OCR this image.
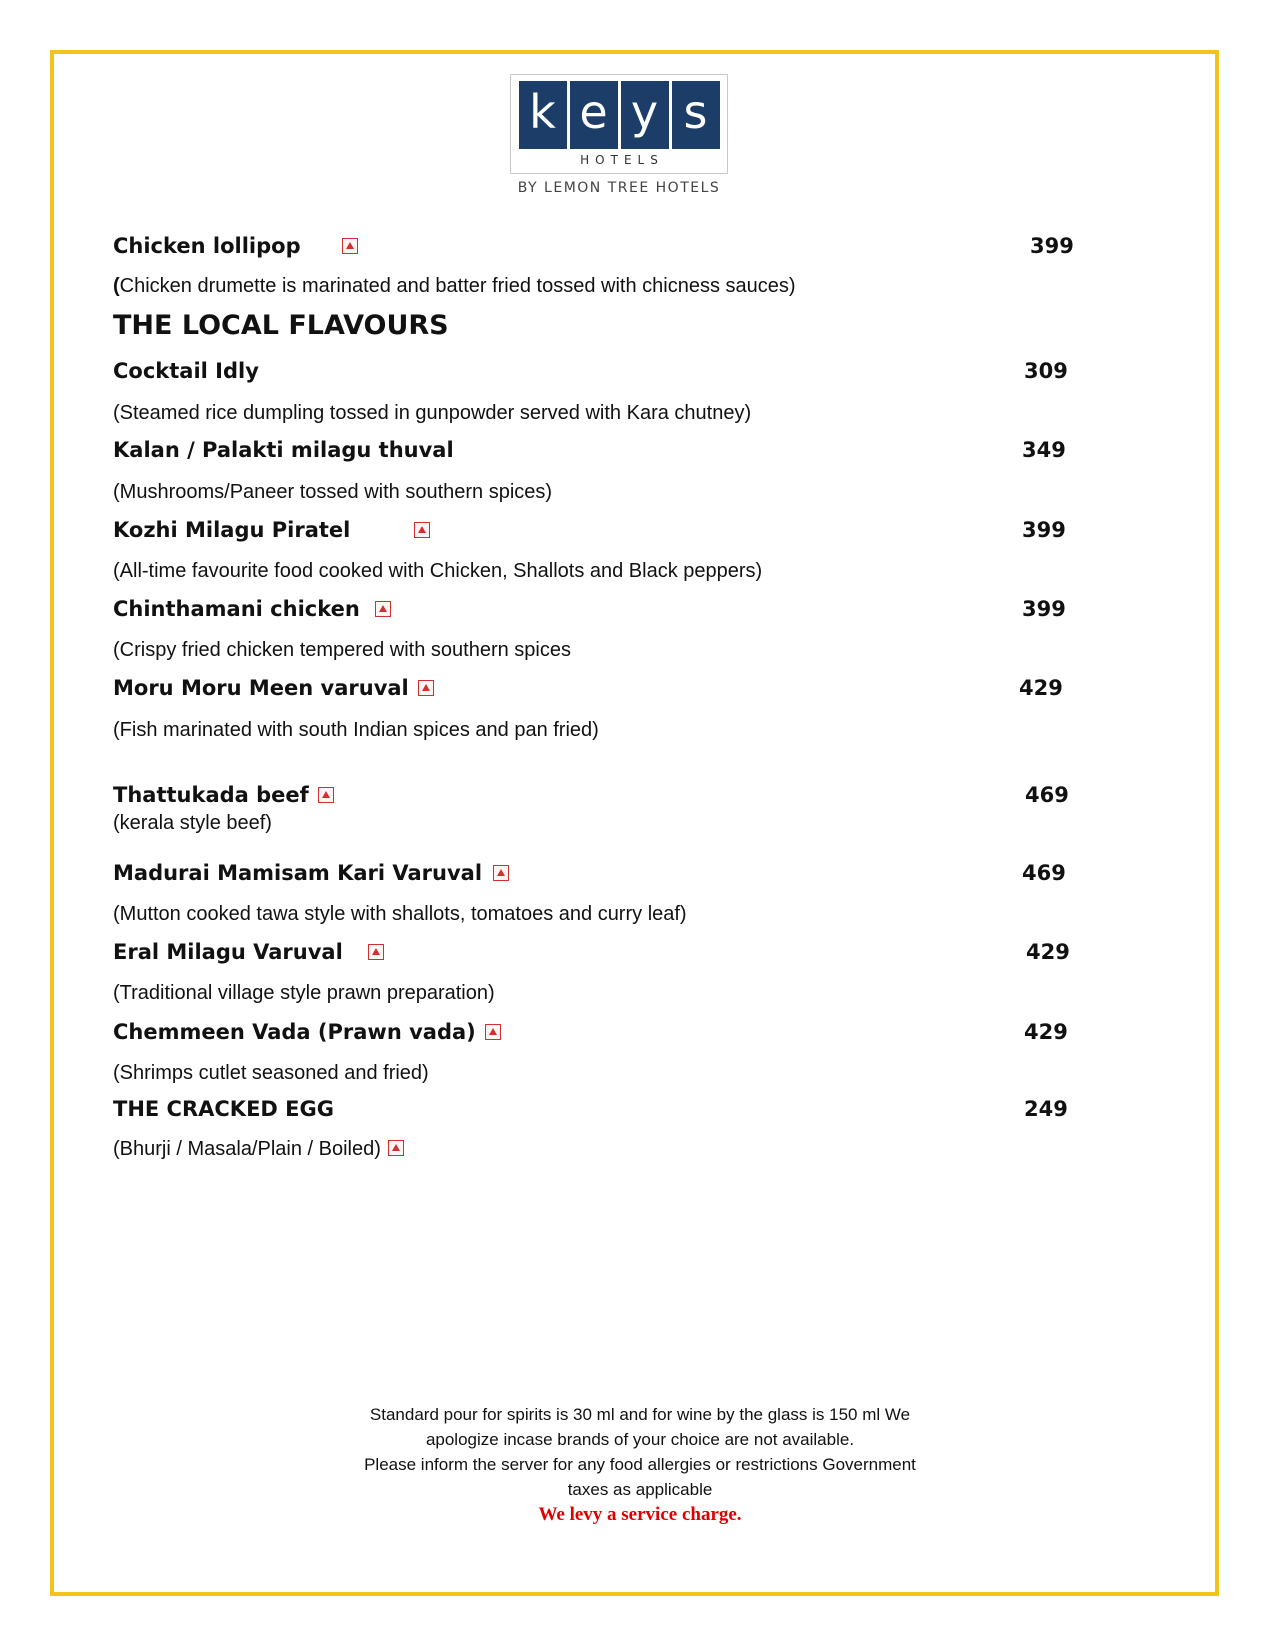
k e y s
HOTELS
BY LEMON TREE HOTELS
Chicken lollipop	399
(Chicken drumette is marinated and batter fried tossed with chicness sauces)
THE LOCAL FLAVOURS
Cocktail Idly	309
(Steamed rice dumpling tossed in gunpowder served with Kara chutney)
Kalan / Palakti milagu thuval	349
(Mushrooms/Paneer tossed with southern spices)
Kozhi Milagu Piratel	399
(All-time favourite food cooked with Chicken, Shallots and Black peppers)
Chinthamani chicken	399
(Crispy fried chicken tempered with southern spices
Moru Moru Meen varuval	429
(Fish marinated with south Indian spices and pan fried)
Thattukada beef	469
(kerala style beef)
Madurai Mamisam Kari Varuval	469
(Mutton cooked tawa style with shallots, tomatoes and curry leaf)
Eral Milagu Varuval	429
(Traditional village style prawn preparation)
Chemmeen Vada (Prawn vada)	429
(Shrimps cutlet seasoned and fried)
THE CRACKED EGG	249
(Bhurji / Masala/Plain / Boiled)
Standard pour for spirits is 30 ml and for wine by the glass is 150 ml We
apologize incase brands of your choice are not available.
Please inform the server for any food allergies or restrictions Government
taxes as applicable
We levy a service charge.
